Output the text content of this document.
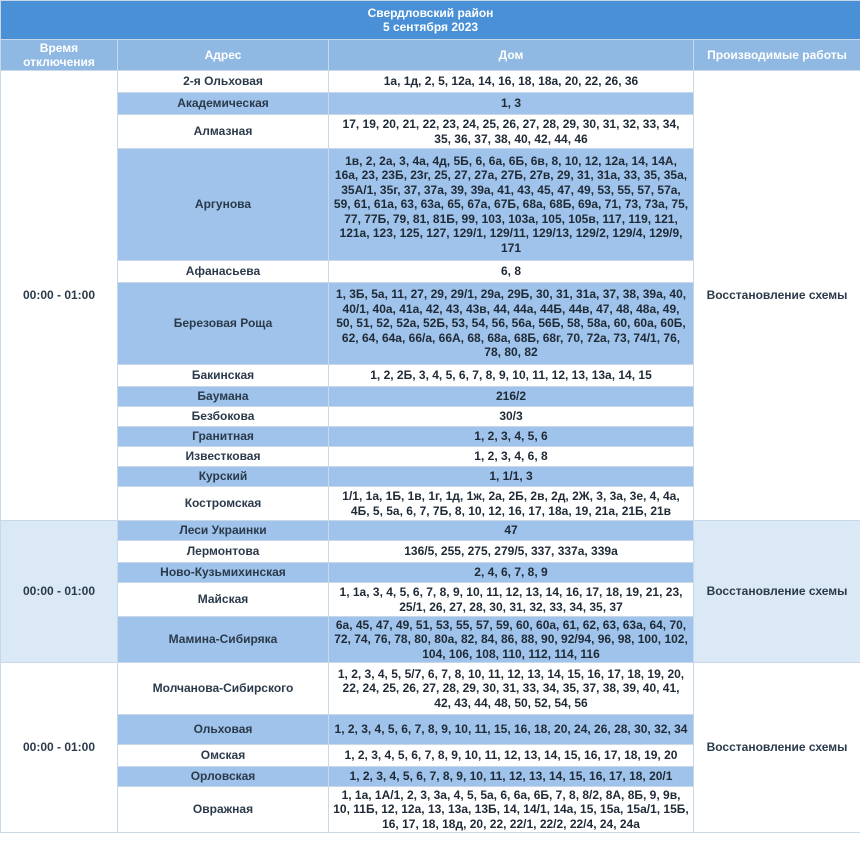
Свердловский район
5 сентября 2023			

Время отключения	Адрес	Дом	Производимые работы
00:00 - 01:00	2-я Ольховая	1а, 1д, 2, 5, 12а, 14, 16, 18, 18а, 20, 22, 26, 36	Восстановление схемы
	Академическая	1, 3	
	Алмазная	17, 19, 20, 21, 22, 23, 24, 25, 26, 27, 28, 29, 30, 31, 32, 33, 34, 35, 36, 37, 38, 40, 42, 44, 46	
	Аргунова	1в, 2, 2а, 3, 4а, 4д, 5Б, 6, 6а, 6Б, 6в, 8, 10, 12, 12а, 14, 14А, 16а, 23, 23Б, 23г, 25, 27, 27а, 27Б, 27в, 29, 31, 31а, 33, 35, 35а, 35А/1, 35г, 37, 37а, 39, 39а, 41, 43, 45, 47, 49, 53, 55, 57, 57а, 59, 61, 61а, 63, 63а, 65, 67а, 67Б, 68а, 68Б, 69а, 71, 73, 73а, 75, 77, 77Б, 79, 81, 81Б, 99, 103, 103а, 105, 105в, 117, 119, 121, 121а, 123, 125, 127, 129/1, 129/11, 129/13, 129/2, 129/4, 129/9, 171	
	Афанасьева	6, 8	
	Березовая Роща	1, 3Б, 5а, 11, 27, 29, 29/1, 29а, 29Б, 30, 31, 31а, 37, 38, 39а, 40, 40/1, 40а, 41а, 42, 43, 43в, 44, 44а, 44Б, 44в, 47, 48, 48а, 49, 50, 51, 52, 52а, 52Б, 53, 54, 56, 56а, 56Б, 58, 58а, 60, 60а, 60Б, 62, 64, 64а, 66/а, 66А, 68, 68а, 68Б, 68г, 70, 72а, 73, 74/1, 76, 78, 80, 82	
	Бакинская	1, 2, 2Б, 3, 4, 5, 6, 7, 8, 9, 10, 11, 12, 13, 13а, 14, 15	
	Баумана	216/2	
	Безбокова	30/3	
	Гранитная	1, 2, 3, 4, 5, 6	
	Известковая	1, 2, 3, 4, 6, 8	
	Курский	1, 1/1, 3	
	Костромская	1/1, 1а, 1Б, 1в, 1г, 1д, 1ж, 2а, 2Б, 2в, 2д, 2Ж, 3, 3а, 3е, 4, 4а, 4Б, 5, 5а, 6, 7, 7Б, 8, 10, 12, 16, 17, 18а, 19, 21а, 21Б, 21в	
00:00 - 01:00	Леси Украинки	47	Восстановление схемы
	Лермонтова	136/5, 255, 275, 279/5, 337, 337а, 339а	
	Ново-Кузьмихинская	2, 4, 6, 7, 8, 9	
	Майская	1, 1а, 3, 4, 5, 6, 7, 8, 9, 10, 11, 12, 13, 14, 16, 17, 18, 19, 21, 23, 25/1, 26, 27, 28, 30, 31, 32, 33, 34, 35, 37	
	Мамина-Сибиряка	6а, 45, 47, 49, 51, 53, 55, 57, 59, 60, 60а, 61, 62, 63, 63а, 64, 70, 72, 74, 76, 78, 80, 80а, 82, 84, 86, 88, 90, 92/94, 96, 98, 100, 102, 104, 106, 108, 110, 112, 114, 116	
00:00 - 01:00	Молчанова-Сибирского	1, 2, 3, 4, 5, 5/7, 6, 7, 8, 10, 11, 12, 13, 14, 15, 16, 17, 18, 19, 20, 22, 24, 25, 26, 27, 28, 29, 30, 31, 33, 34, 35, 37, 38, 39, 40, 41, 42, 43, 44, 48, 50, 52, 54, 56	Восстановление схемы
	Ольховая	1, 2, 3, 4, 5, 6, 7, 8, 9, 10, 11, 15, 16, 18, 20, 24, 26, 28, 30, 32, 34	
	Омская	1, 2, 3, 4, 5, 6, 7, 8, 9, 10, 11, 12, 13, 14, 15, 16, 17, 18, 19, 20	
	Орловская	1, 2, 3, 4, 5, 6, 7, 8, 9, 10, 11, 12, 13, 14, 15, 16, 17, 18, 20/1	
	Овражная	1, 1а, 1А/1, 2, 3, 3а, 4, 5, 5а, 6, 6а, 6Б, 7, 8, 8/2, 8А, 8Б, 9, 9в, 10, 11Б, 12, 12а, 13, 13а, 13Б, 14, 14/1, 14а, 15, 15а, 15а/1, 15Б, 16, 17, 18, 18д, 20, 22, 22/1, 22/2, 22/4, 24, 24а	
